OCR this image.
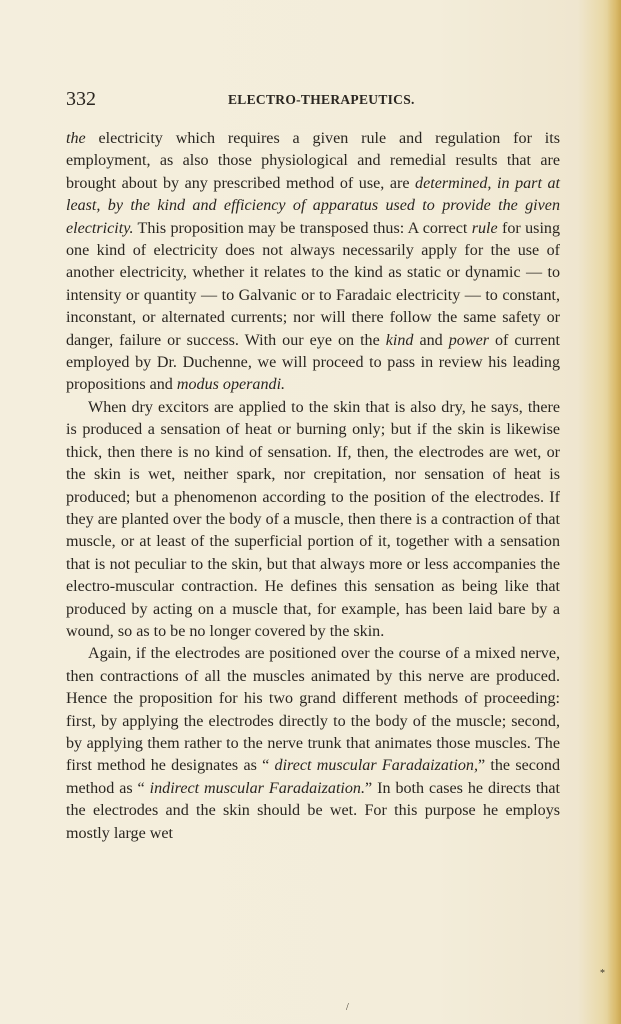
332	ELECTRO-THERAPEUTICS.

the electricity which requires a given rule and regulation for its employment, as also those physiological and remedial results that are brought about by any prescribed method of use, are determined, in part at least, by the kind and efficiency of apparatus used to provide the given electricity. This proposition may be transposed thus: A correct rule for using one kind of electricity does not always necessarily apply for the use of another electricity, whether it relates to the kind as static or dynamic — to intensity or quantity — to Galvanic or to Faradaic electricity — to constant, inconstant, or alternated currents; nor will there follow the same safety or danger, failure or success. With our eye on the kind and power of current employed by Dr. Duchenne, we will proceed to pass in review his leading propositions and modus operandi.

When dry excitors are applied to the skin that is also dry, he says, there is produced a sensation of heat or burning only; but if the skin is likewise thick, then there is no kind of sensation. If, then, the electrodes are wet, or the skin is wet, neither spark, nor crepitation, nor sensation of heat is produced; but a phenomenon according to the position of the electrodes. If they are planted over the body of a muscle, then there is a contraction of that muscle, or at least of the superficial portion of it, together with a sensation that is not peculiar to the skin, but that always more or less accompanies the electro-muscular contraction. He defines this sensation as being like that produced by acting on a muscle that, for example, has been laid bare by a wound, so as to be no longer covered by the skin.

Again, if the electrodes are positioned over the course of a mixed nerve, then contractions of all the muscles animated by this nerve are produced. Hence the proposition for his two grand different methods of proceeding: first, by applying the electrodes directly to the body of the muscle; second, by applying them rather to the nerve trunk that animates those muscles. The first method he designates as “ direct muscular Faradaization,” the second method as “ indirect muscular Faradaization.” In both cases he directs that the electrodes and the skin should be wet. For this purpose he employs mostly large wet

*
/
